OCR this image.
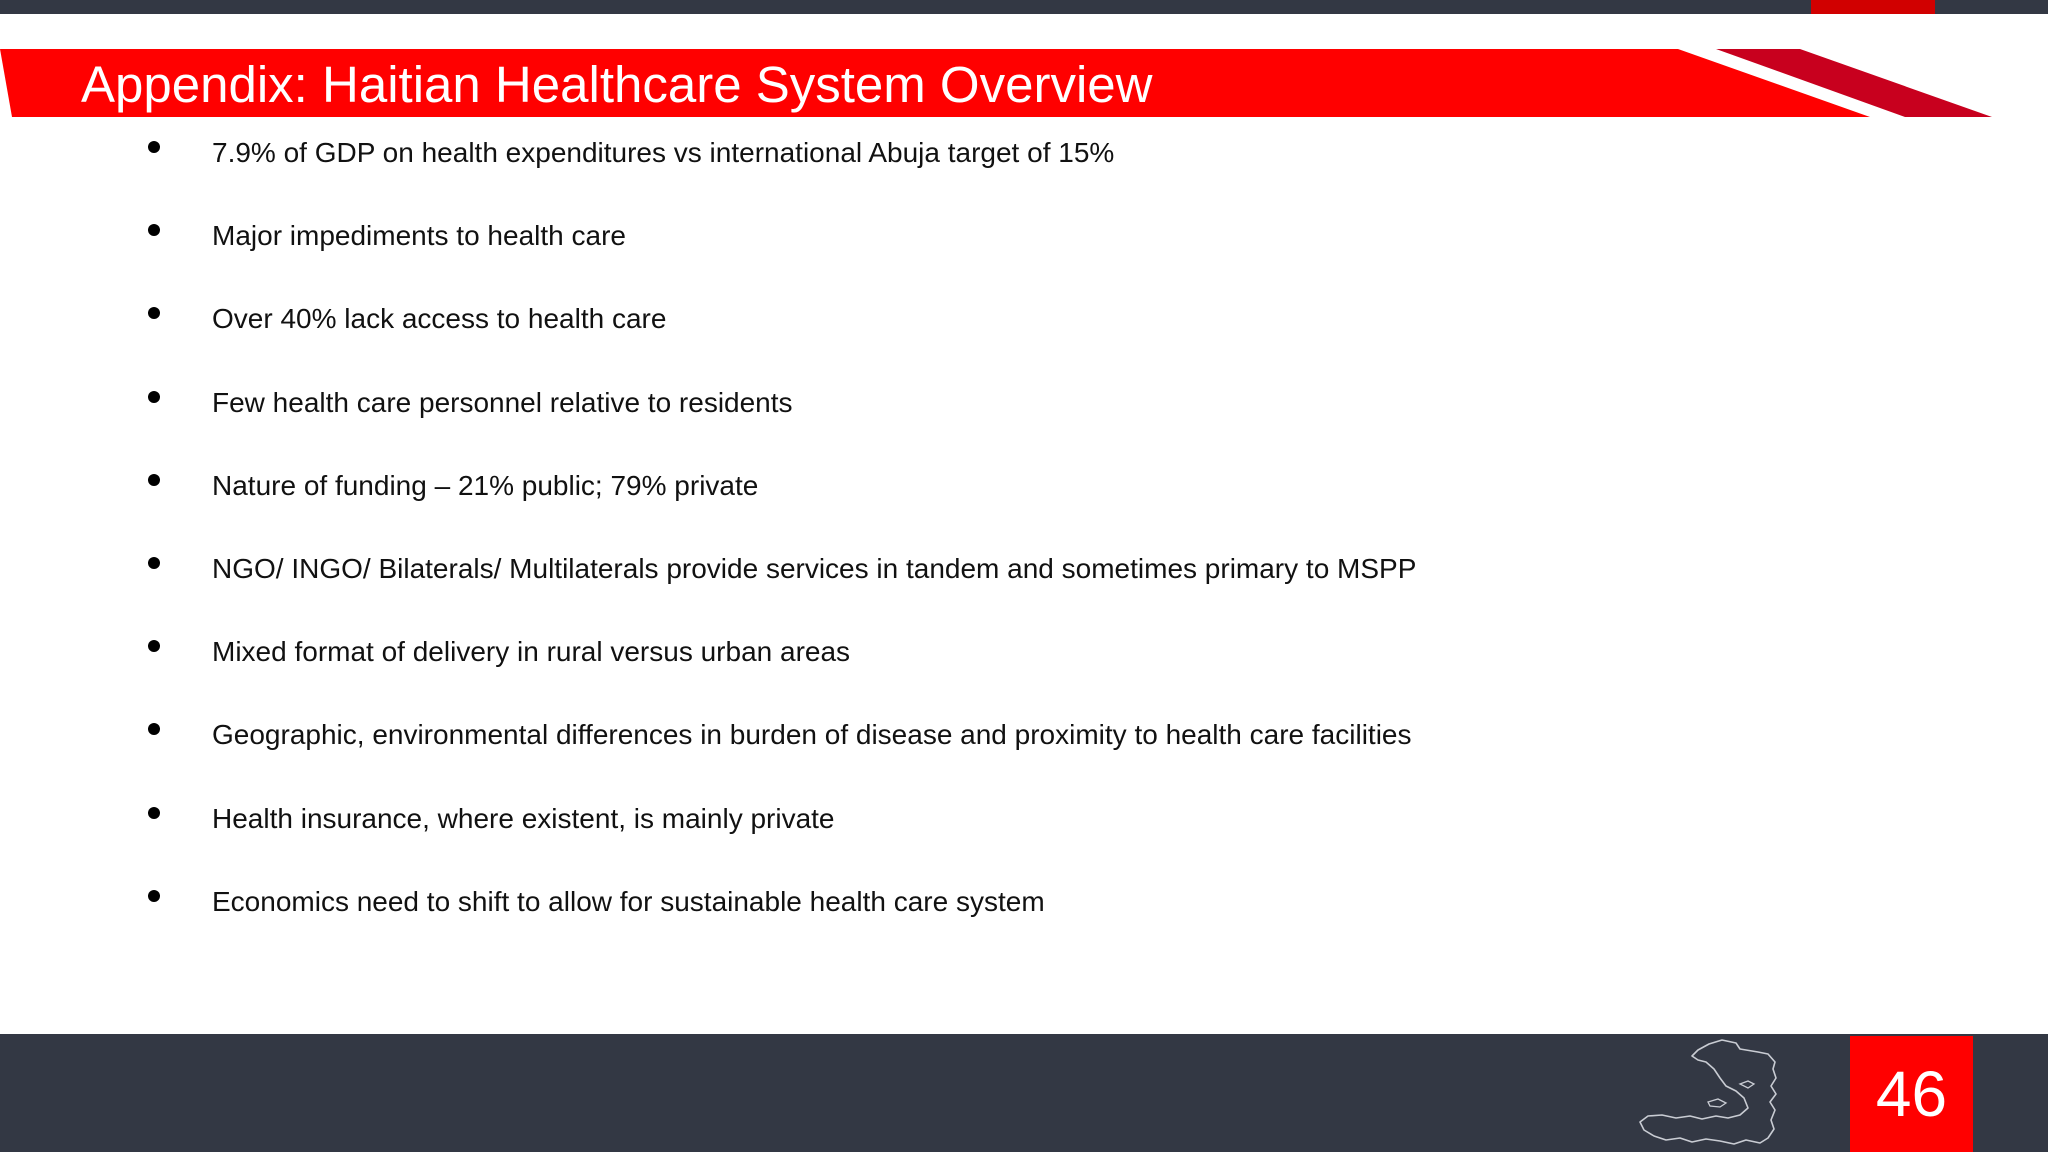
Appendix: Haitian Healthcare System Overview
7.9% of GDP on health expenditures vs international Abuja target of 15%
Major impediments to health care
Over 40% lack access to health care
Few health care personnel relative to residents
Nature of funding – 21% public; 79% private
NGO/ INGO/ Bilaterals/ Multilaterals provide services in tandem and sometimes primary to MSPP
Mixed format of delivery in rural versus urban areas
Geographic, environmental differences in burden of disease and proximity to health care facilities
Health insurance, where existent, is mainly private
Economics need to shift to allow for sustainable health care system
46
